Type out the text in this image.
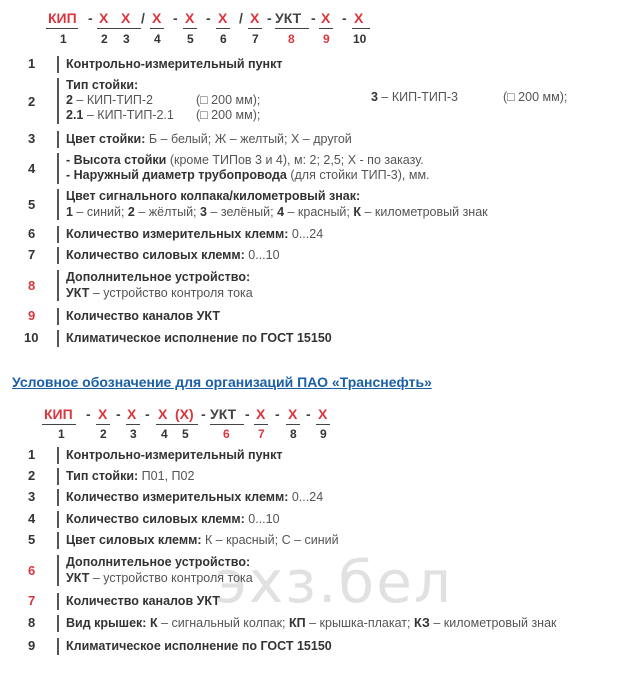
КИП - Х Х / Х - Х - Х / Х - УКТ - Х - Х
1	2 3 4 5 6 7 8 9 10
1	Контрольно-измерительный пункт
2
Тип стойки:
2 – КИП-ТИП-2	(□ 200 мм);
2.1 – КИП-ТИП-2.1 (□ 200 мм);
3 – КИП-ТИП-3	(□ 200 мм);
3	Цвет стойки: Б – белый; Ж – желтый; Х – другой
4
- Высота стойки (кроме ТИПов 3 и 4), м: 2; 2,5; Х - по заказу.
- Наружный диаметр трубопровода (для стойки ТИП-3), мм.
5
Цвет сигнального колпака/километровый знак:
1 – синий; 2 – жёлтый; 3 – зелёный; 4 – красный; К – километровый знак
6	Количество измерительных клемм: 0...24
7	Количество силовых клемм: 0...10
8
Дополнительное устройство:
УКТ – устройство контроля тока
9	Количество каналов УКТ
10	Климатическое исполнение по ГОСТ 15150
Условное обозначение для организаций ПАО «Транснефть»
КИП - Х - Х - Х (Х) - УКТ - Х - Х - Х
1	2 3 4 5	6 7 8 9
1	Контрольно-измерительный пункт
2	Тип стойки: П01, П02
3	Количество измерительных клемм: 0...24
4	Количество силовых клемм: 0...10
5	Цвет силовых клемм: К – красный; С – синий
6
Дополнительное устройство:
УКТ – устройство контроля тока
7	Количество каналов УКТ
8	Вид крышек: К – сигнальный колпак; КП – крышка-плакат; КЗ – километровый знак
9	Климатическое исполнение по ГОСТ 15150
эхз.бел
